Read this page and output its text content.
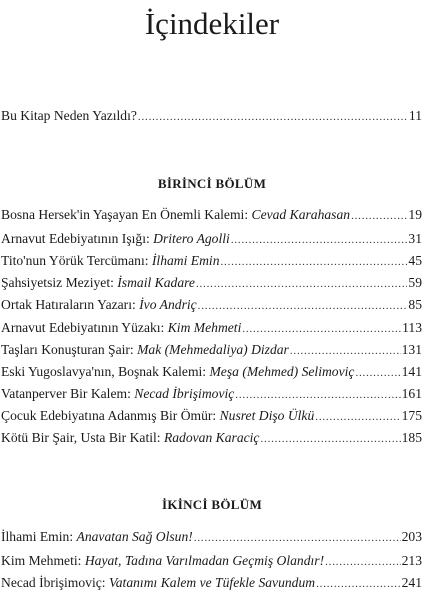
İçindekiler
Bu Kitap Neden Yazıldı? .....	11
BİRİNCİ BÖLÜM
Bosna Hersek'in Yaşayan En Önemli Kalemi: Cevad Karahasan .....	19
Arnavut Edebiyatının Işığı: Dritero Agolli .....	31
Tito'nun Yörük Tercümanı: İlhami Emin .....	45
Şahsiyetsiz Meziyet: İsmail Kadare .....	59
Ortak Hatıraların Yazarı: İvo Andriç .....	85
Arnavut Edebiyatının Yüzakı: Kim Mehmeti .....	113
Taşları Konuşturan Şair: Mak (Mehmedaliya) Dizdar .....	131
Eski Yugoslavya'nın, Boşnak Kalemi: Meşa (Mehmed) Selimoviç .....	141
Vatanperver Bir Kalem: Necad İbrişimoviç .....	161
Çocuk Edebiyatına Adanmış Bir Ömür: Nusret Dişo Ülkü .....	175
Kötü Bir Şair, Usta Bir Katil: Radovan Karaciç .....	185
İKİNCİ BÖLÜM
İlhami Emin: Anavatan Sağ Olsun! .....	203
Kim Mehmeti: Hayat, Tadına Varılmadan Geçmiş Olandır! .....	213
Necad İbrişimoviç: Vatanımı Kalem ve Tüfekle Savundum .....	241
